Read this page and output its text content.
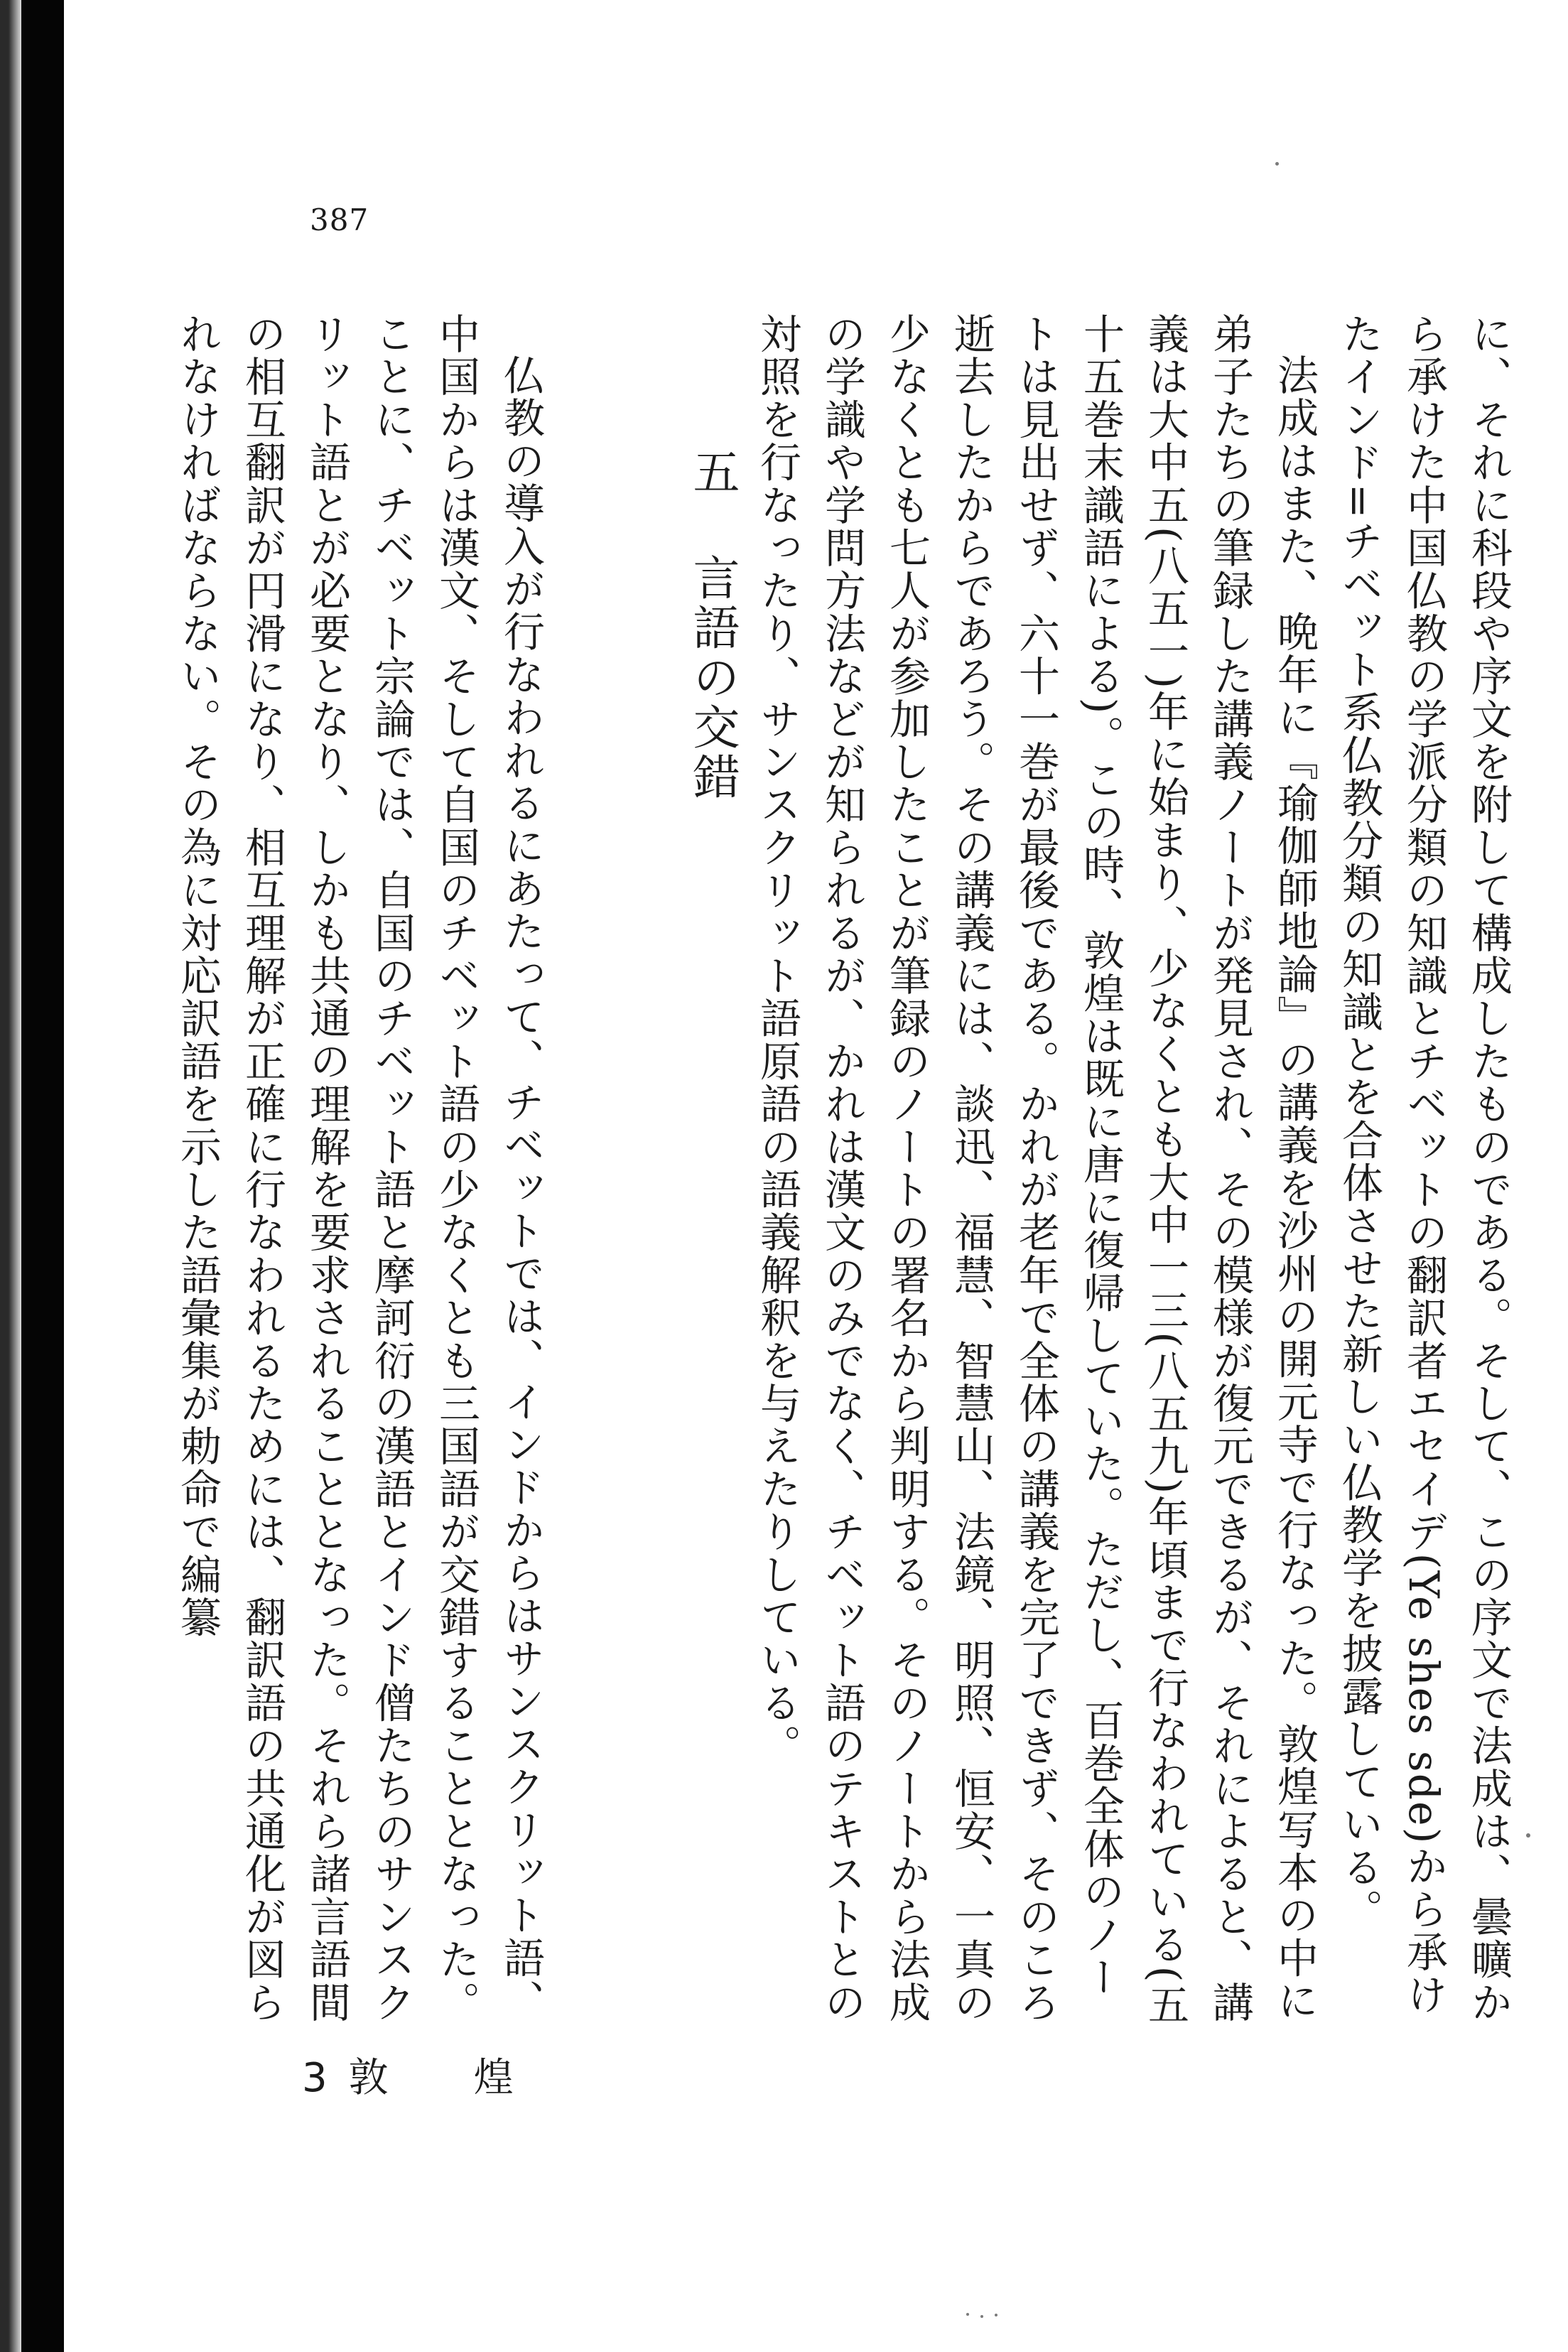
387

に、それに科段や序文を附して構成したものである。そして、この序文で法成は、曇曠から承けた中国仏教の学派分類の知識とチベットの翻訳者エセイデ(Ye shes sde)から承けたインド=チベット系仏教分類の知識とを合体させた新しい仏教学を披露している。

法成はまた、晩年に『瑜伽師地論』の講義を沙州の開元寺で行なった。敦煌写本の中に弟子たちの筆録した講義ノートが発見され、その模様が復元できるが、それによると、講義は大中五(八五一)年に始まり、少なくとも大中一三(八五九)年頃まで行なわれている(五十五巻末識語による)。この時、敦煌は既に唐に復帰していた。ただし、百巻全体のノートは見出せず、六十一巻が最後である。かれが老年で全体の講義を完了できず、そのころ逝去したからであろう。その講義には、談迅、福慧、智慧山、法鏡、明照、恒安、一真の少なくとも七人が参加したことが筆録のノートの署名から判明する。そのノートから法成の学識や学問方法などが知られるが、かれは漢文のみでなく、チベット語のテキストとの対照を行なったり、サンスクリット語原語の語義解釈を与えたりしている。

五言語の交錯

仏教の導入が行なわれるにあたって、チベットでは、インドからはサンスクリット語、中国からは漢文、そして自国のチベット語の少なくとも三国語が交錯することとなった。ことに、チベット宗論では、自国のチベット語と摩訶衍の漢語とインド僧たちのサンスクリット語とが必要となり、しかも共通の理解を要求されることとなった。それら諸言語間の相互翻訳が円滑になり、相互理解が正確に行なわれるためには、翻訳語の共通化が図られなければならない。その為に対応訳語を示した語彙集が勅命で編纂

3 敦 煌
